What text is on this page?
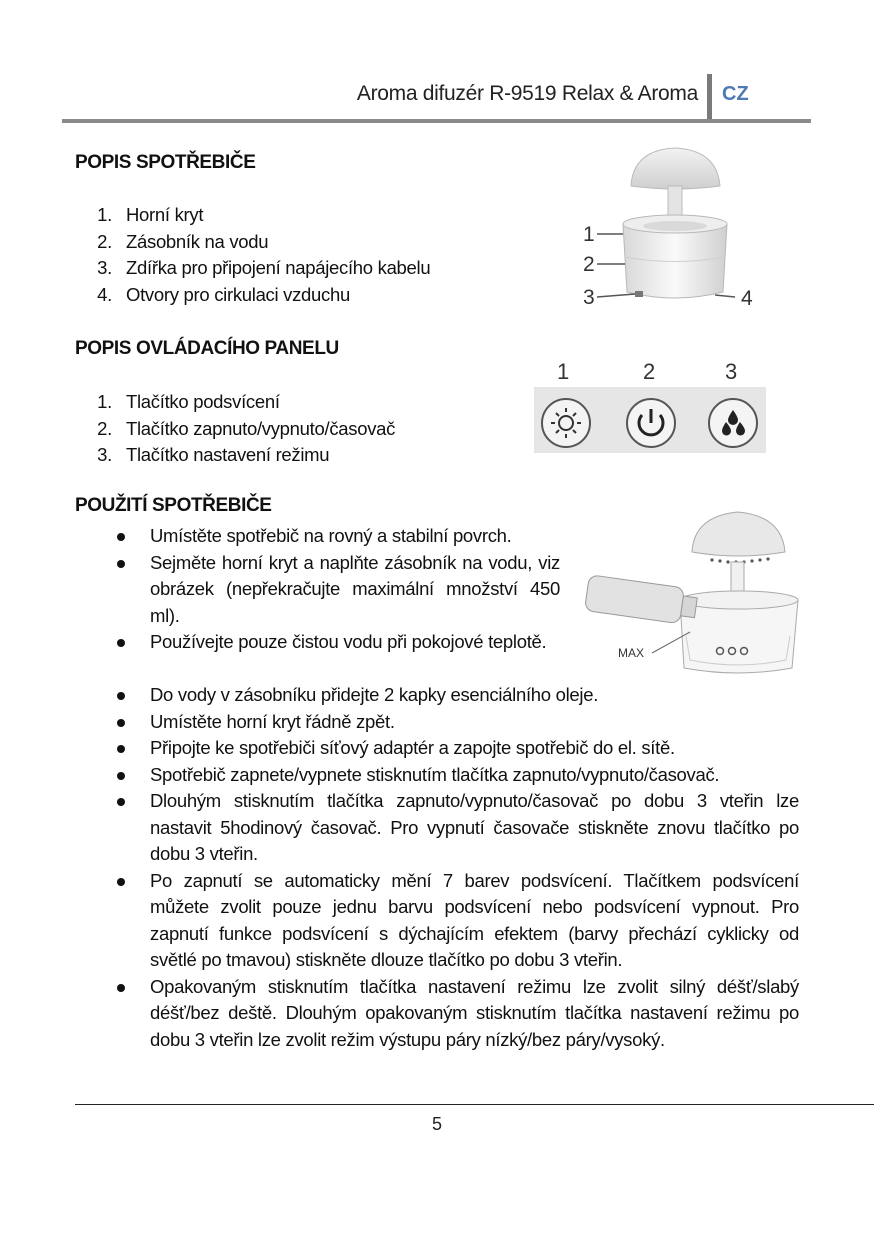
Aroma difuzér R-9519 Relax & Aroma CZ
POPIS SPOTŘEBIČE
1. Horní kryt
2. Zásobník na vodu
3. Zdířka pro připojení napájecího kabelu
4. Otvory pro cirkulaci vzduchu
1
2
3	4
POPIS OVLÁDACÍHO PANELU
1. Tlačítko podsvícení
2. Tlačítko zapnuto/vypnuto/časovač
3. Tlačítko nastavení režimu
1	2	3
POUŽITÍ SPOTŘEBIČE
Umístěte spotřebič na rovný a stabilní povrch.
Sejměte horní kryt a naplňte zásobník na vodu, viz obrázek (nepřekračujte maximální množství 450 ml).
Používejte pouze čistou vodu při pokojové teplotě.
Do vody v zásobníku přidejte 2 kapky esenciálního oleje.
Umístěte horní kryt řádně zpět.
Připojte ke spotřebiči síťový adaptér a zapojte spotřebič do el. sítě.
Spotřebič zapnete/vypnete stisknutím tlačítka zapnuto/vypnuto/časovač.
Dlouhým stisknutím tlačítka zapnuto/vypnuto/časovač po dobu 3 vteřin lze nastavit 5hodinový časovač. Pro vypnutí časovače stiskněte znovu tlačítko po dobu 3 vteřin.
Po zapnutí se automaticky mění 7 barev podsvícení. Tlačítkem podsvícení můžete zvolit pouze jednu barvu podsvícení nebo podsvícení vypnout. Pro zapnutí funkce podsvícení s dýchajícím efektem (barvy přechází cyklicky od světlé po tmavou) stiskněte dlouze tlačítko po dobu 3 vteřin.
Opakovaným stisknutím tlačítka nastavení režimu lze zvolit silný déšť/slabý déšť/bez deště. Dlouhým opakovaným stisknutím tlačítka nastavení režimu po dobu 3 vteřin lze zvolit režim výstupu páry nízký/bez páry/vysoký.
MAX
5
